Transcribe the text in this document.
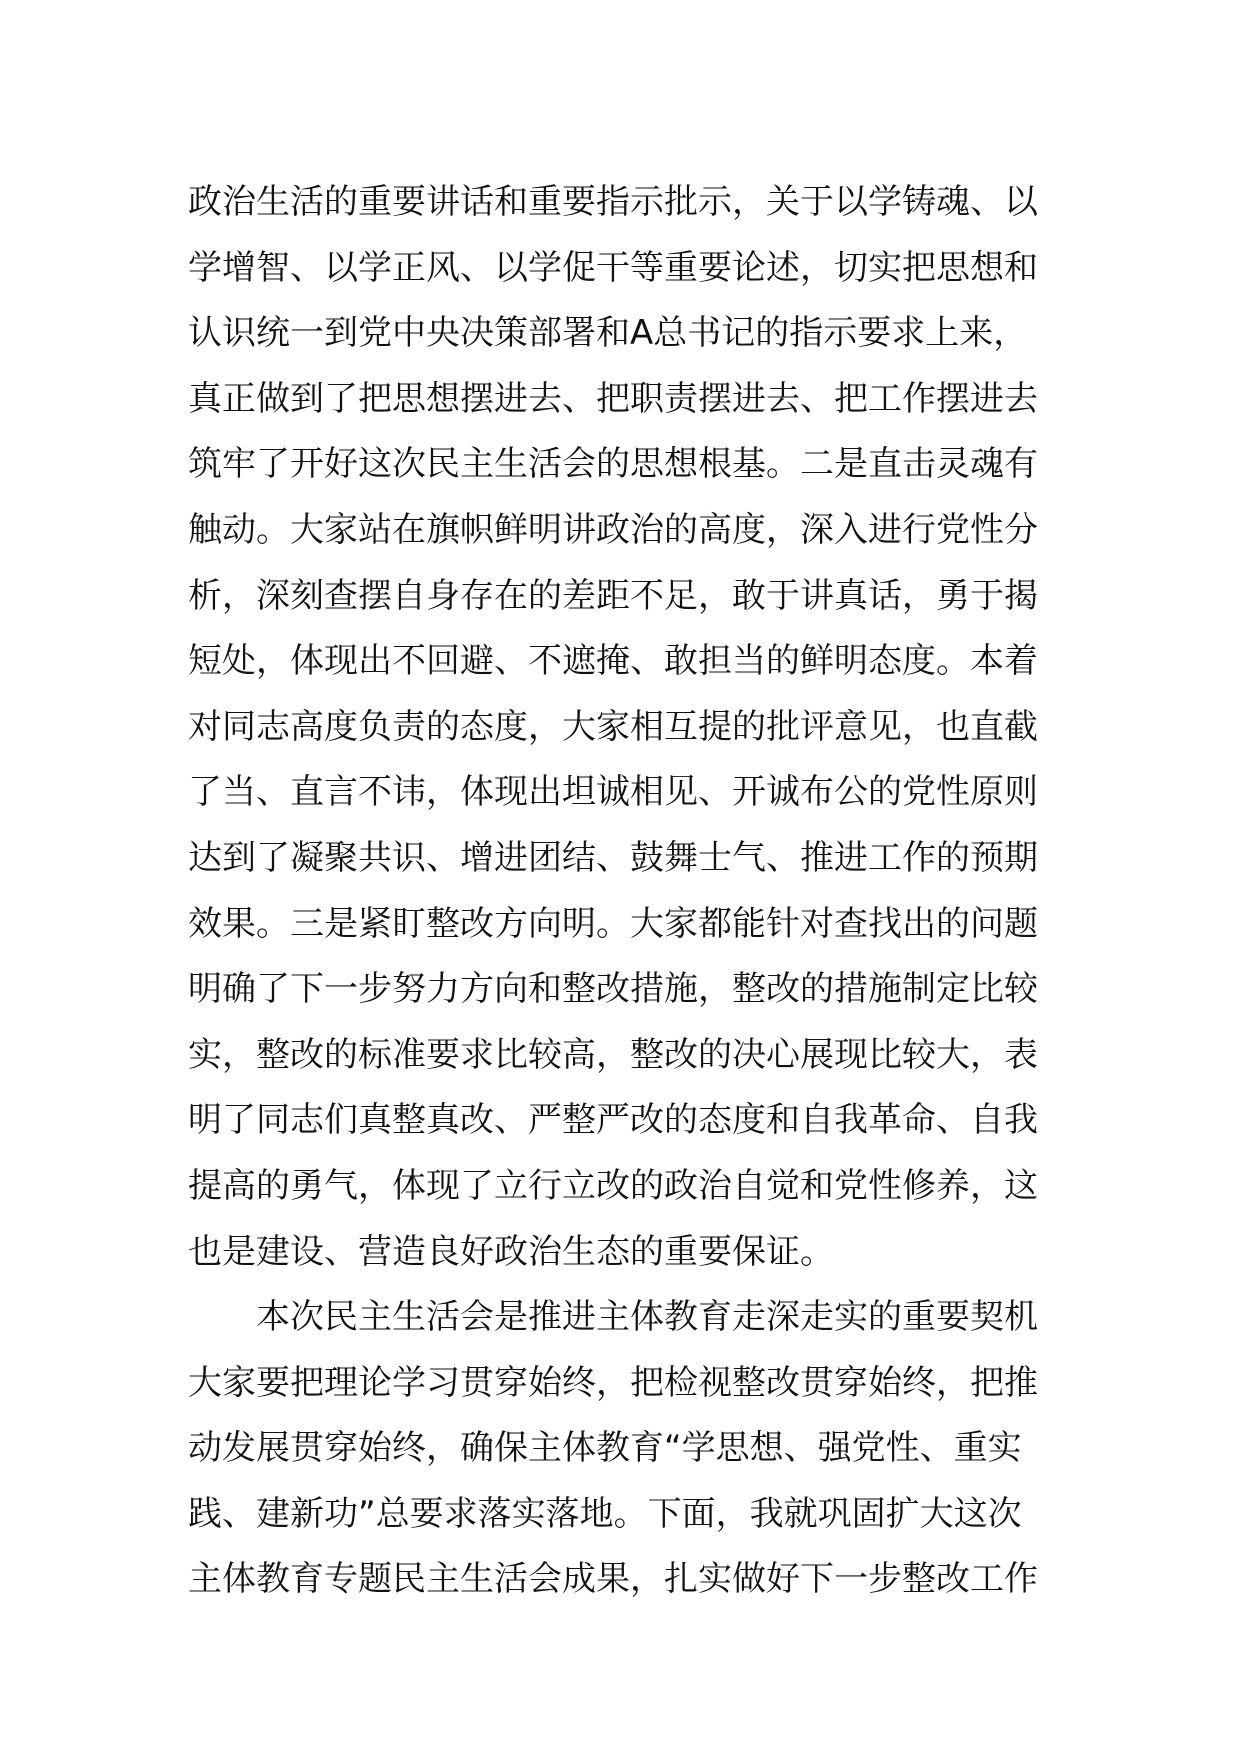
政治生活的重要讲话和重要指示批示，关于以学铸魂、以
学增智、以学正风、以学促干等重要论述，切实把思想和
认识统一到党中央决策部署和A总书记的指示要求上来，
真正做到了把思想摆进去、把职责摆进去、把工作摆进去
筑牢了开好这次民主生活会的思想根基。二是直击灵魂有
触动。大家站在旗帜鲜明讲政治的高度，深入进行党性分
析，深刻查摆自身存在的差距不足，敢于讲真话，勇于揭
短处，体现出不回避、不遮掩、敢担当的鲜明态度。本着
对同志高度负责的态度，大家相互提的批评意见，也直截
了当、直言不讳，体现出坦诚相见、开诚布公的党性原则
达到了凝聚共识、增进团结、鼓舞士气、推进工作的预期
效果。三是紧盯整改方向明。大家都能针对查找出的问题
明确了下一步努力方向和整改措施，整改的措施制定比较
实，整改的标准要求比较高，整改的决心展现比较大，表
明了同志们真整真改、严整严改的态度和自我革命、自我
提高的勇气，体现了立行立改的政治自觉和党性修养，这
也是建设、营造良好政治生态的重要保证。
本次民主生活会是推进主体教育走深走实的重要契机
大家要把理论学习贯穿始终，把检视整改贯穿始终，把推
动发展贯穿始终，确保主体教育“学思想、强党性、重实
践、建新功”总要求落实落地。下面，我就巩固扩大这次
主体教育专题民主生活会成果，扎实做好下一步整改工作
